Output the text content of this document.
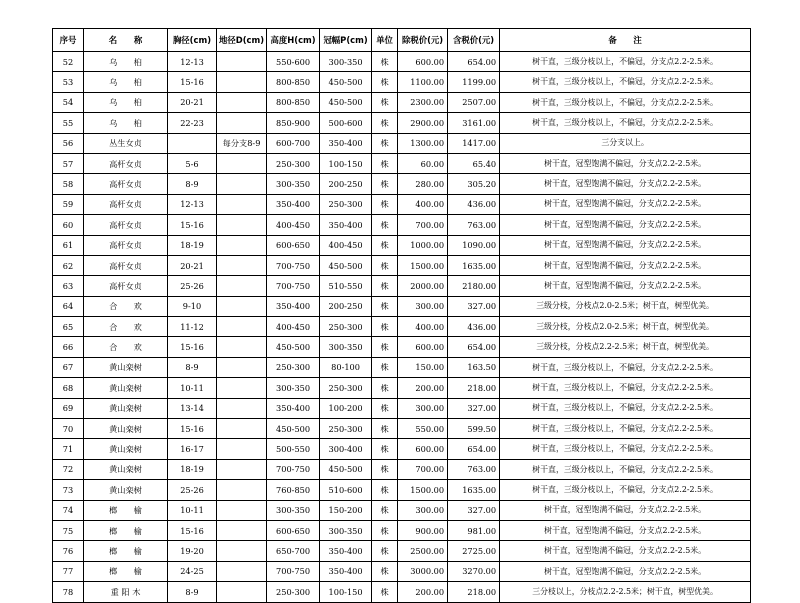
序号	名　　称	胸径(cm)	地径D(cm)	高度H(cm)	冠幅P(cm)	单位	除税价(元)	含税价(元)	备　　注
52	乌　　桕	12-13		550-600	300-350	株	600.00	654.00	树干直，三级分枝以上，不偏冠，分支点2.2-2.5米。
53	乌　　桕	15-16		800-850	450-500	株	1100.00	1199.00	树干直，三级分枝以上，不偏冠，分支点2.2-2.5米。
54	乌　　桕	20-21		800-850	450-500	株	2300.00	2507.00	树干直，三级分枝以上，不偏冠，分支点2.2-2.5米。
55	乌　　桕	22-23		850-900	500-600	株	2900.00	3161.00	树干直，三级分枝以上，不偏冠，分支点2.2-2.5米。
56	丛生女贞		每分支8-9	600-700	350-400	株	1300.00	1417.00	三分支以上。
57	高杆女贞	5-6		250-300	100-150	株	60.00	65.40	树干直，冠型饱满不偏冠，分支点2.2-2.5米。
58	高杆女贞	8-9		300-350	200-250	株	280.00	305.20	树干直，冠型饱满不偏冠，分支点2.2-2.5米。
59	高杆女贞	12-13		350-400	250-300	株	400.00	436.00	树干直，冠型饱满不偏冠，分支点2.2-2.5米。
60	高杆女贞	15-16		400-450	350-400	株	700.00	763.00	树干直，冠型饱满不偏冠，分支点2.2-2.5米。
61	高杆女贞	18-19		600-650	400-450	株	1000.00	1090.00	树干直，冠型饱满不偏冠，分支点2.2-2.5米。
62	高杆女贞	20-21		700-750	450-500	株	1500.00	1635.00	树干直，冠型饱满不偏冠，分支点2.2-2.5米。
63	高杆女贞	25-26		700-750	510-550	株	2000.00	2180.00	树干直，冠型饱满不偏冠，分支点2.2-2.5米。
64	合　　欢	9-10		350-400	200-250	株	300.00	327.00	三级分枝，分枝点2.0-2.5米；树干直，树型优美。
65	合　　欢	11-12		400-450	250-300	株	400.00	436.00	三级分枝，分枝点2.0-2.5米；树干直，树型优美。
66	合　　欢	15-16		450-500	300-350	株	600.00	654.00	三级分枝，分枝点2.2-2.5米；树干直，树型优美。
67	黄山栾树	8-9		250-300	80-100	株	150.00	163.50	树干直，三级分枝以上，不偏冠，分支点2.2-2.5米。
68	黄山栾树	10-11		300-350	250-300	株	200.00	218.00	树干直，三级分枝以上，不偏冠，分支点2.2-2.5米。
69	黄山栾树	13-14		350-400	100-200	株	300.00	327.00	树干直，三级分枝以上，不偏冠，分支点2.2-2.5米。
70	黄山栾树	15-16		450-500	250-300	株	550.00	599.50	树干直，三级分枝以上，不偏冠，分支点2.2-2.5米。
71	黄山栾树	16-17		500-550	300-400	株	600.00	654.00	树干直，三级分枝以上，不偏冠，分支点2.2-2.5米。
72	黄山栾树	18-19		700-750	450-500	株	700.00	763.00	树干直，三级分枝以上，不偏冠，分支点2.2-2.5米。
73	黄山栾树	25-26		760-850	510-600	株	1500.00	1635.00	树干直，三级分枝以上，不偏冠，分支点2.2-2.5米。
74	榔　　榆	10-11		300-350	150-200	株	300.00	327.00	树干直，冠型饱满不偏冠，分支点2.2-2.5米。
75	榔　　榆	15-16		600-650	300-350	株	900.00	981.00	树干直，冠型饱满不偏冠，分支点2.2-2.5米。
76	榔　　榆	19-20		650-700	350-400	株	2500.00	2725.00	树干直，冠型饱满不偏冠，分支点2.2-2.5米。
77	榔　　榆	24-25		700-750	350-400	株	3000.00	3270.00	树干直，冠型饱满不偏冠，分支点2.2-2.5米。
78	重 阳 木	8-9		250-300	100-150	株	200.00	218.00	三分枝以上，分枝点2.2-2.5米；树干直，树型优美。
